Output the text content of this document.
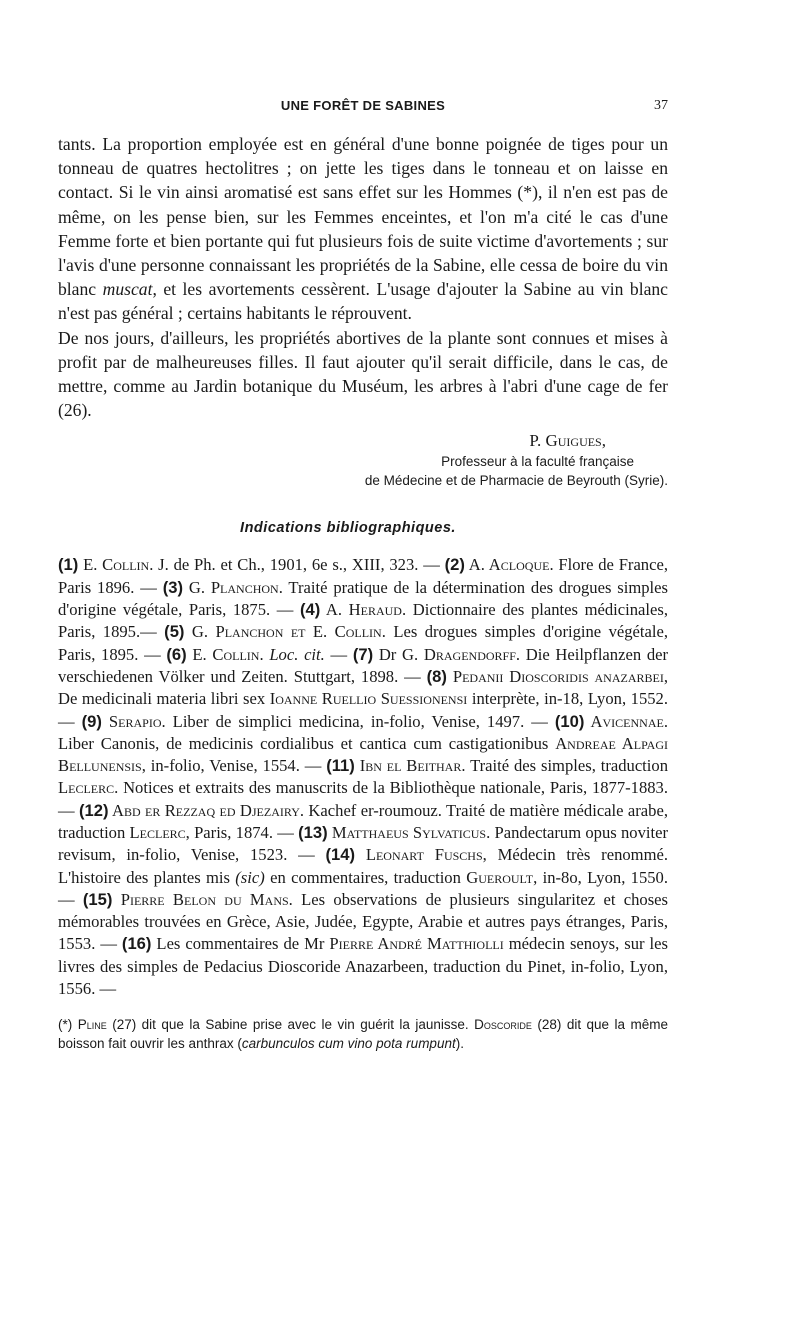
UNE FORÊT DE SABINES	37

tants. La proportion employée est en général d'une bonne poignée de tiges pour un tonneau de quatres hectolitres ; on jette les tiges dans le tonneau et on laisse en contact. Si le vin ainsi aromatisé est sans effet sur les Hommes (*), il n'en est pas de même, on les pense bien, sur les Femmes enceintes, et l'on m'a cité le cas d'une Femme forte et bien portante qui fut plusieurs fois de suite victime d'avortements ; sur l'avis d'une personne connaissant les propriétés de la Sabine, elle cessa de boire du vin blanc muscat, et les avortements cessèrent. L'usage d'ajouter la Sabine au vin blanc n'est pas général ; certains habitants le réprouvent.

De nos jours, d'ailleurs, les propriétés abortives de la plante sont connues et mises à profit par de malheureuses filles. Il faut ajouter qu'il serait difficile, dans le cas, de mettre, comme au Jardin botanique du Muséum, les arbres à l'abri d'une cage de fer (26).

P. Guigues,
Professeur à la faculté française
de Médecine et de Pharmacie de Beyrouth (Syrie).
Indications bibliographiques.
(1) E. Collin. J. de Ph. et Ch., 1901, 6e s., XIII, 323. — (2) A. Acloque. Flore de France, Paris 1896. — (3) G. Planchon. Traité pratique de la détermination des drogues simples d'origine végétale, Paris, 1875. — (4) A. Heraud. Dictionnaire des plantes médicinales, Paris, 1895.— (5) G. Planchon et E. Collin. Les drogues simples d'origine végétale, Paris, 1895. — (6) E. Collin. Loc. cit. — (7) Dr G. Dragendorff. Die Heilpflanzen der verschiedenen Völker und Zeiten. Stuttgart, 1898. — (8) Pedanii Dioscoridis anazarbei, De medicinali materia libri sex Ioanne Ruellio Suessionensi interprète, in-18, Lyon, 1552. — (9) Serapio. Liber de simplici medicina, in-folio, Venise, 1497. — (10) Avicennae. Liber Canonis, de medicinis cordialibus et cantica cum castigationibus Andreae Alpagi Bellunensis, in-folio, Venise, 1554. — (11) Ibn el Beithar. Traité des simples, traduction Leclerc. Notices et extraits des manuscrits de la Bibliothèque nationale, Paris, 1877-1883. — (12) Abd er Rezzaq ed Djezairy. Kachef er-roumouz. Traité de matière médicale arabe, traduction Leclerc, Paris, 1874. — (13) Matthaeus Sylvaticus. Pandectarum opus noviter revisum, in-folio, Venise, 1523. — (14) Leonart Fuschs, Médecin très renommé. L'histoire des plantes mis (sic) en commentaires, traduction Gueroult, in-8o, Lyon, 1550. — (15) Pierre Belon du Mans. Les observations de plusieurs singularitez et choses mémorables trouvées en Grèce, Asie, Judée, Egypte, Arabie et autres pays étranges, Paris, 1553. — (16) Les commentaires de Mr Pierre André Matthiolli médecin senoys, sur les livres des simples de Pedacius Dioscoride Anazarbeen, traduction du Pinet, in-folio, Lyon, 1556. —
(*) Pline (27) dit que la Sabine prise avec le vin guérit la jaunisse. Doscoride (28) dit que la même boisson fait ouvrir les anthrax (carbunculos cum vino pota rumpunt).
